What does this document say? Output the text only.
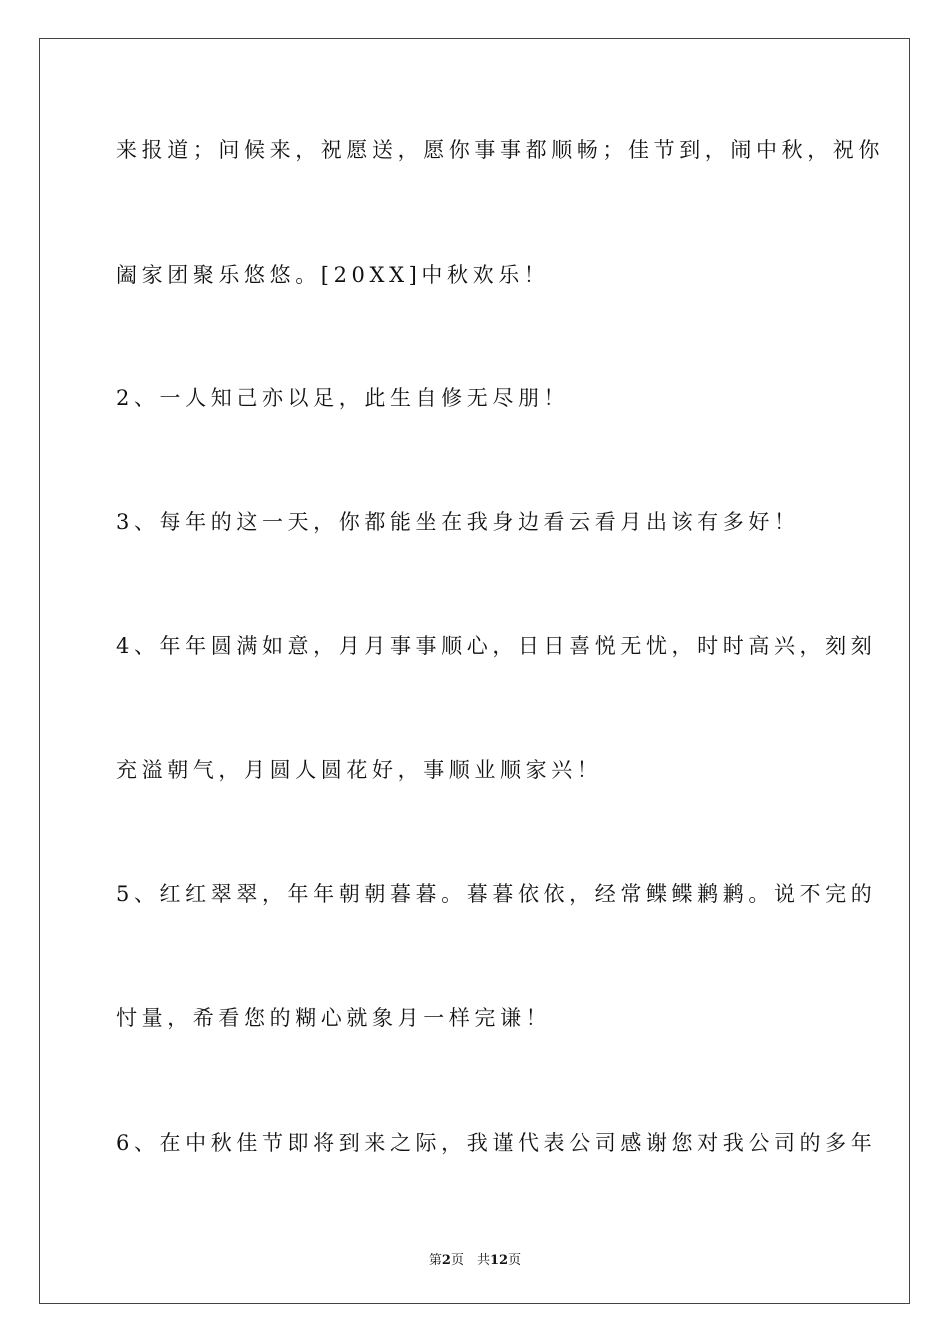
来报道；问候来，祝愿送，愿你事事都顺畅；佳节到，闹中秋，祝你
阖家团聚乐悠悠。[20XX]中秋欢乐！
2、一人知己亦以足，此生自修无尽朋！
3、每年的这一天，你都能坐在我身边看云看月出该有多好！
4、年年圆满如意，月月事事顺心，日日喜悦无忧，时时高兴，刻刻
充溢朝气，月圆人圆花好，事顺业顺家兴！
5、红红翠翠，年年朝朝暮暮。暮暮依依，经常鲽鲽鹣鹣。说不完的
忖量，希看您的糊心就象月一样完谦！
6、在中秋佳节即将到来之际，我谨代表公司感谢您对我公司的多年
第2页　共12页
